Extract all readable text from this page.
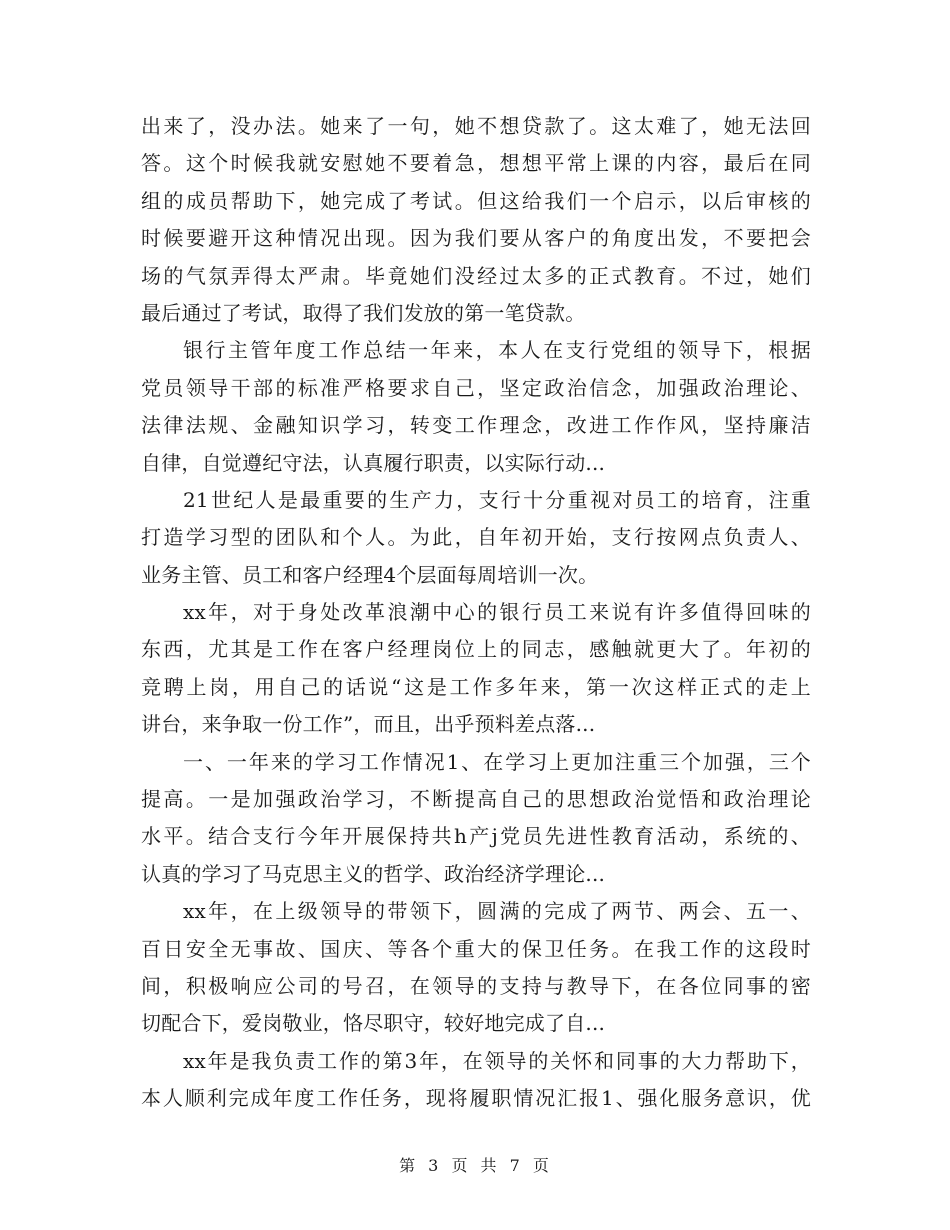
出来了，没办法。她来了一句，她不想贷款了。这太难了，她无法回
答。这个时候我就安慰她不要着急，想想平常上课的内容，最后在同
组的成员帮助下，她完成了考试。但这给我们一个启示，以后审核的
时候要避开这种情况出现。因为我们要从客户的角度出发，不要把会
场的气氛弄得太严肃。毕竟她们没经过太多的正式教育。不过，她们
最后通过了考试，取得了我们发放的第一笔贷款。
银行主管年度工作总结一年来，本人在支行党组的领导下，根据
党员领导干部的标准严格要求自己，坚定政治信念，加强政治理论、
法律法规、金融知识学习，转变工作理念，改进工作作风，坚持廉洁
自律，自觉遵纪守法，认真履行职责，以实际行动...
21世纪人是最重要的生产力，支行十分重视对员工的培育，注重
打造学习型的团队和个人。为此，自年初开始，支行按网点负责人、
业务主管、员工和客户经理4个层面每周培训一次。
xx年，对于身处改革浪潮中心的银行员工来说有许多值得回味的
东西，尤其是工作在客户经理岗位上的同志，感触就更大了。年初的
竞聘上岗，用自己的话说“这是工作多年来，第一次这样正式的走上
讲台，来争取一份工作”，而且，出乎预料差点落...
一、一年来的学习工作情况1、在学习上更加注重三个加强，三个
提高。一是加强政治学习，不断提高自己的思想政治觉悟和政治理论
水平。结合支行今年开展保持共h产j党员先进性教育活动，系统的、
认真的学习了马克思主义的哲学、政治经济学理论...
xx年，在上级领导的带领下，圆满的完成了两节、两会、五一、
百日安全无事故、国庆、等各个重大的保卫任务。在我工作的这段时
间，积极响应公司的号召，在领导的支持与教导下，在各位同事的密
切配合下，爱岗敬业，恪尽职守，较好地完成了自...
xx年是我负责工作的第3年，在领导的关怀和同事的大力帮助下，
本人顺利完成年度工作任务，现将履职情况汇报1、强化服务意识，优
第 3 页 共 7 页
